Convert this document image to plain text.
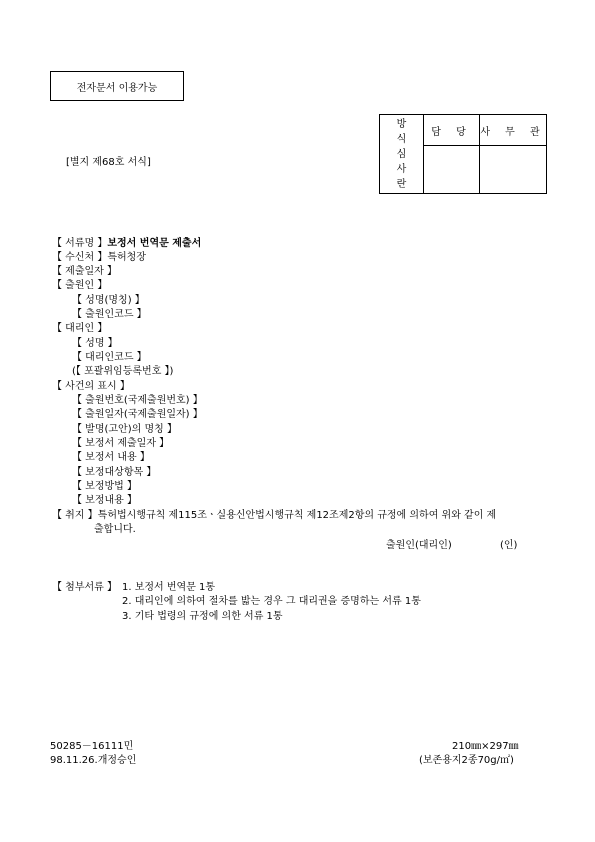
전자문서 이용가능
[별지 제68호 서식]
방
식
심
사
란	담 당	사 무 관

【 서류명 】보정서 번역문 제출서
【 수신처 】특허청장
【 제출일자 】
【 출원인 】
【 성명(명칭) 】
【 출원인코드 】
【 대리인 】
【 성명 】
【 대리인코드 】
(【 포괄위임등록번호 】)
【 사건의 표시 】
【 출원번호(국제출원번호) 】
【 출원일자(국제출원일자) 】
【 발명(고안)의 명칭 】
【 보정서 제출일자 】
【 보정서 내용 】
【 보정대상항목 】
【 보정방법 】
【 보정내용 】
【 취지 】특허법시행규칙 제115조ㆍ실용신안법시행규칙 제12조제2항의 규정에 의하여 위와 같이 제
출합니다.
출원인(대리인)	(인)
【 첨부서류 】 1. 보정서 번역문 1통
2. 대리인에 의하여 절차를 밟는 경우 그 대리권을 증명하는 서류 1통
3. 기타 법령의 규정에 의한 서류 1통
50285－16111민
98.11.26.개정승인
210㎜×297㎜
(보존용지2종70g/㎡)
